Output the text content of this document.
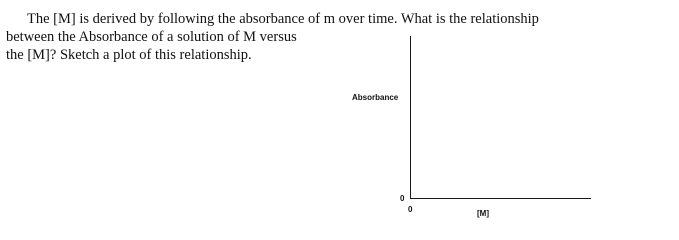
The [M] is derived by following the absorbance of m over time. What is the relationship
between the Absorbance of a solution of M versus
the [M]? Sketch a plot of this relationship.
Absorbance
0
0	[M]
